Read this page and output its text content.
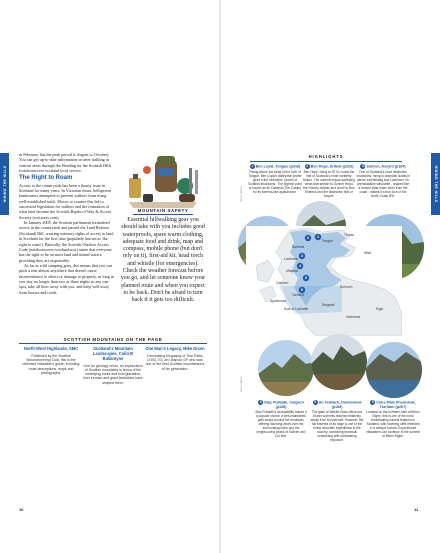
HIKING THE HILLS

in February, but the peak period is August to October). You can get up-to-date information on deer stalking in various areas through the Heading for the Scottish Hills (outdooraccess-scotland.scot) service.

The Right to Roam

Access to the countryside has been a thorny issue in Scotland for many years. In Victorian times, belligerent landowners attempted to prevent walkers from using well-established trails. Moves to counter this led to successful legislation for walkers and the formation of what later became the Scottish Rights of Way & Access Society (scotways.com).

In January 2005, the Scottish parliament formalised access in the countryside and passed the Land Reform (Scotland) Bill, creating statutory rights of access to land in Scotland for the first time (popularly known as 'the right to roam'). Basically, the Scottish Outdoor Access Code (outdooraccess-scotland.scot) states that everyone has the right to be on most land and inland waters, providing they act responsibly.

As far as wild camping goes, this means that you can pitch a tent almost anywhere that doesn't cause inconvenience to others or damage to property, as long as you stay no longer than two or three nights in any one spot, take all litter away with you, and keep well away from houses and roads.

MOUNTAIN SAFETY
Essential hillwalking gear you should take with you includes good waterproofs, spare warm clothing, adequate food and drink, map and compass, mobile phone (but don't rely on it), first-aid kit, head torch and whistle (for emergencies). Check the weather forecast before you go, and let someone know your planned route and when you expect to be back. Don't be afraid to turn back if it gets too difficult.
SCOTTISH MOUNTAINS ON THE PAGE
North-West Highlands, SMC
Published by the Scottish Mountaineering Club, this is the definitive hillwalker's guide, including route descriptions, maps and photographs.
Scotland's Mountain Landscapes, Colin B Ballantyne
One for geology nerds, an explanation of Scottish mountains in terms of the underlying rocks and how glaciation, river erosion and giant landslides have shaped them.
One Man's Legacy, Mike Dixon
Fascinating biography of Tom Patey (1932-70), an Ullapool GP who was one of the best Scottish mountaineers of his generation.
10
HIKING THE HILLS
HIGHLIGHTS
PHOTO CREDITS
PHOTO CREDITS
1 Ben Loyal, Tongue (p316)
Rising above the head of the Kyle of Tongue, Ben Loyal's distinctive profile gives it the nickname 'Queen of Scottish Mountains'. The highest point is known as An Caisteal (The Castle) for its fortress-like appearance.
2 Ben Hope, Eriboll (p323)
Ben Hope, rising to 927m, holds the title of Scotland's most northerly Munro. The summit enjoys sweeping views that stretch to Dunnet Head, the Orkney Islands and south to Ben Klibreck and the distinctive hills of Assynt.
3 Suilven, Assynt (p164)
One of Scotland's most distinctive mountains, rising in dramatic isolation above Inverkirkaig and Lochinver. Its unmistakable silhouette - shaped like a domed pillar when seen from the coast - makes it a true icon of the North Coast 500.
1
2
3
4
5
6
Thurso
Wick
Tongue
Durness
Lochinver
Ullapool
Gairloch
Torridon
Kyle of Lochalsh
Dornoch
Inverness
Applecross
Dingwall
Elgin
4 Stac Pollaidh, Coigach (p168)
Stac Pollaidh's accessibility makes it a popular choice: a well-maintained path wraps around the mountain, offering stunning views over the surrounding lochs and the neighbouring peaks of Suilven and Cul Mor.
5 An Teallach, Dundonnell (p168)
The giant of Wester Ross offers two Munro summits reached relatively easily from Dundonnell. However, the full traverse of its ridge is one of the finest mountain expeditions in the country, combining technical scrambling with exhilarating exposure.
6 Coire Mhic Fhearchair, Torridon (p207)
Located on the northern side of Beinn Eighe, this is one of the most breathtaking natural features in Scotland, with towering cliffs reflected in a tranquil lochan. Experienced hillwalkers can continue to the summit of Beinn Eighe.
11
